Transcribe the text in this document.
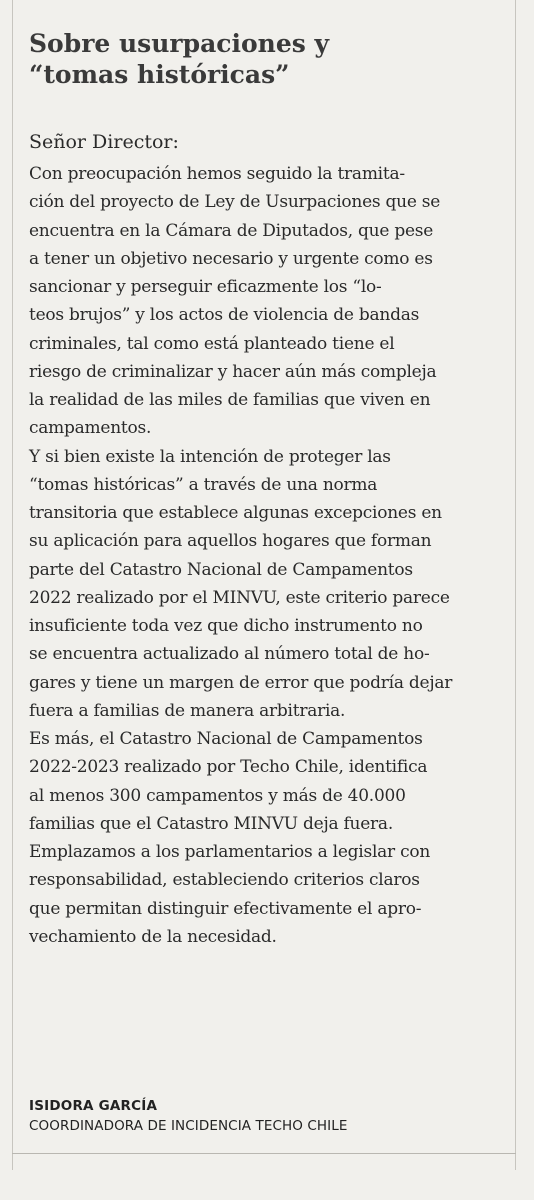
Sobre usurpaciones y
“tomas históricas”
Señor Director:
Con preocupación hemos seguido la tramita-
ción del proyecto de Ley de Usurpaciones que se
encuentra en la Cámara de Diputados, que pese
a tener un objetivo necesario y urgente como es
sancionar y perseguir eficazmente los “lo-
teos brujos” y los actos de violencia de bandas
criminales, tal como está planteado tiene el
riesgo de criminalizar y hacer aún más compleja
la realidad de las miles de familias que viven en
campamentos.
Y si bien existe la intención de proteger las
“tomas históricas” a través de una norma
transitoria que establece algunas excepciones en
su aplicación para aquellos hogares que forman
parte del Catastro Nacional de Campamentos
2022 realizado por el MINVU, este criterio parece
insuficiente toda vez que dicho instrumento no
se encuentra actualizado al número total de ho-
gares y tiene un margen de error que podría dejar
fuera a familias de manera arbitraria.
Es más, el Catastro Nacional de Campamentos
2022-2023 realizado por Techo Chile, identifica
al menos 300 campamentos y más de 40.000
familias que el Catastro MINVU deja fuera.
Emplazamos a los parlamentarios a legislar con
responsabilidad, estableciendo criterios claros
que permitan distinguir efectivamente el apro-
vechamiento de la necesidad.
ISIDORA GARCÍA
COORDINADORA DE INCIDENCIA TECHO CHILE
